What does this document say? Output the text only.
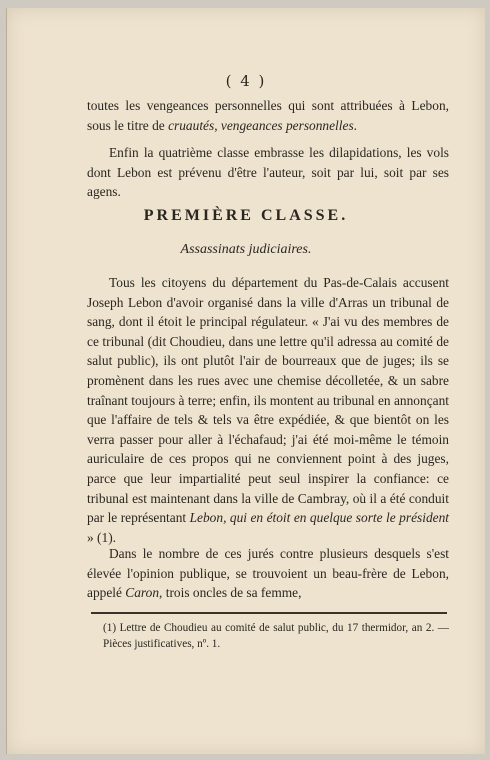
( 4 )

toutes les vengeances personnelles qui sont attribuées à Lebon, sous le titre de cruautés, vengeances personnelles.

Enfin la quatrième classe embrasse les dilapidations, les vols dont Lebon est prévenu d'être l'auteur, soit par lui, soit par ses agens.

PREMIÈRE CLASSE.
Assassinats judiciaires.

Tous les citoyens du département du Pas-de-Calais accusent Joseph Lebon d'avoir organisé dans la ville d'Arras un tribunal de sang, dont il étoit le principal régulateur. « J'ai vu des membres de ce tribunal (dit Choudieu, dans une lettre qu'il adressa au comité de salut public), ils ont plutôt l'air de bourreaux que de juges; ils se promènent dans les rues avec une chemise décolletée, & un sabre traînant toujours à terre; enfin, ils montent au tribunal en annonçant que l'affaire de tels & tels va être expédiée, & que bientôt on les verra passer pour aller à l'échafaud; j'ai été moi-même le témoin auriculaire de ces propos qui ne conviennent point à des juges, parce que leur impartialité peut seul inspirer la confiance: ce tribunal est maintenant dans la ville de Cambray, où il a été conduit par le représentant Lebon, qui en étoit en quelque sorte le président » (1).

Dans le nombre de ces jurés contre plusieurs desquels s'est élevée l'opinion publique, se trouvoient un beau-frère de Lebon, appelé Caron, trois oncles de sa femme,

(1) Lettre de Choudieu au comité de salut public, du 17 thermidor, an 2. — Pièces justificatives, nº. 1.
